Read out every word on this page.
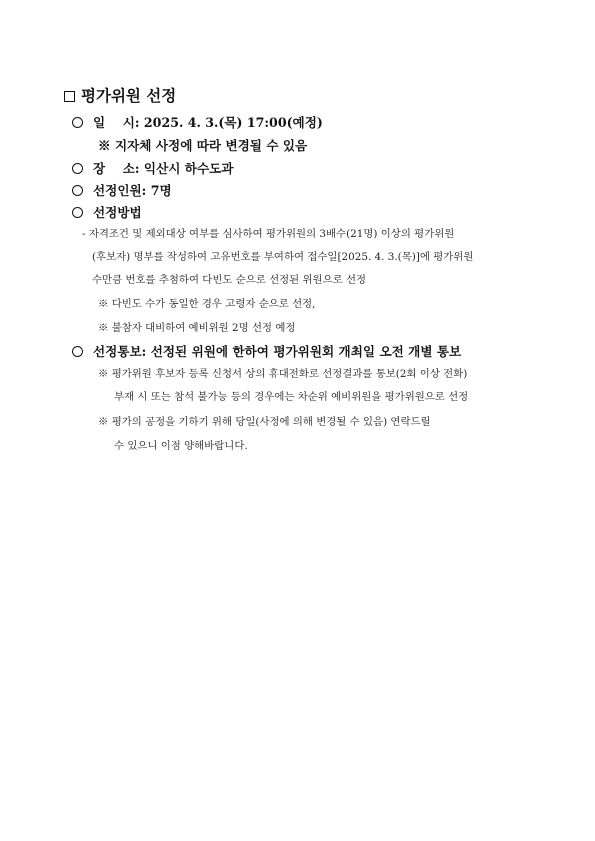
평가위원 선정
일    시: 2025. 4. 3.(목) 17:00(예정)
※ 지자체 사정에 따라 변경될 수 있음
장    소: 익산시 하수도과
선정인원: 7명
선정방법
- 자격조건 및 제외대상 여부를 심사하여 평가위원의 3배수(21명) 이상의 평가위원
(후보자) 명부를 작성하여 고유번호를 부여하여 접수일[2025. 4. 3.(목)]에 평가위원
수만큼 번호를 추첨하여 다빈도 순으로 선정된 위원으로 선정
※ 다빈도 수가 동일한 경우 고령자 순으로 선정,
※ 불참자 대비하여 예비위원 2명 선정 예정
선정통보: 선정된 위원에 한하여 평가위원회 개최일 오전 개별 통보
※ 평가위원 후보자 등록 신청서 상의 휴대전화로 선정결과를 통보(2회 이상 전화)
부재 시 또는 참석 불가능 등의 경우에는 차순위 예비위원을 평가위원으로 선정
※ 평가의 공정을 기하기 위해 당일(사정에 의해 변경될 수 있음) 연락드릴
수 있으니 이점 양해바랍니다.
